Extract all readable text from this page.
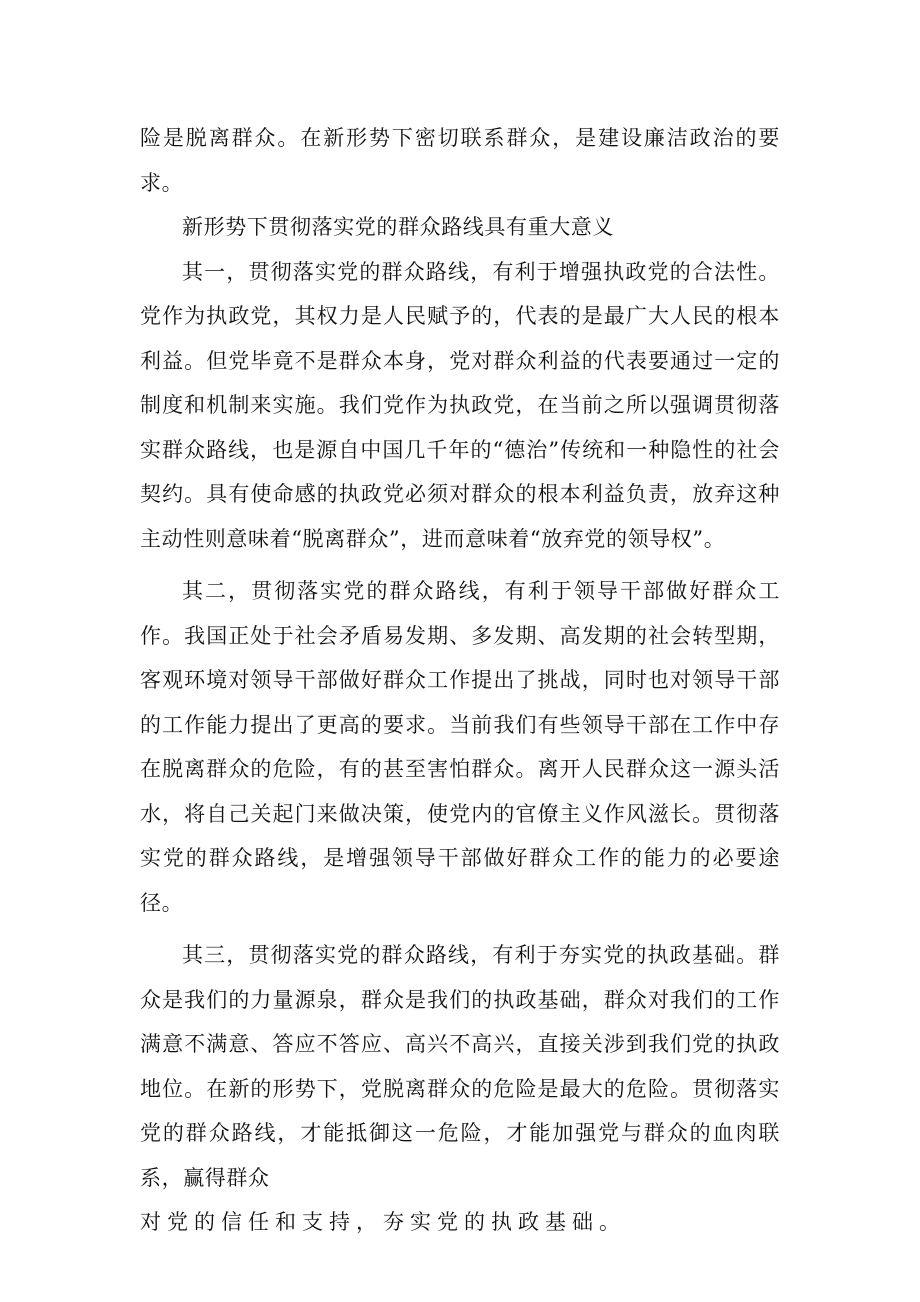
险是脱离群众。在新形势下密切联系群众，是建设廉洁政治的要求。

新形势下贯彻落实党的群众路线具有重大意义

其一，贯彻落实党的群众路线，有利于增强执政党的合法性。党作为执政党，其权力是人民赋予的，代表的是最广大人民的根本利益。但党毕竟不是群众本身，党对群众利益的代表要通过一定的制度和机制来实施。我们党作为执政党，在当前之所以强调贯彻落实群众路线，也是源自中国几千年的“德治”传统和一种隐性的社会契约。具有使命感的执政党必须对群众的根本利益负责，放弃这种主动性则意味着“脱离群众”，进而意味着“放弃党的领导权”。

其二，贯彻落实党的群众路线，有利于领导干部做好群众工作。我国正处于社会矛盾易发期、多发期、高发期的社会转型期，客观环境对领导干部做好群众工作提出了挑战，同时也对领导干部的工作能力提出了更高的要求。当前我们有些领导干部在工作中存在脱离群众的危险，有的甚至害怕群众。离开人民群众这一源头活水，将自己关起门来做决策，使党内的官僚主义作风滋长。贯彻落实党的群众路线，是增强领导干部做好群众工作的能力的必要途径。

其三，贯彻落实党的群众路线，有利于夯实党的执政基础。群众是我们的力量源泉，群众是我们的执政基础，群众对我们的工作满意不满意、答应不答应、高兴不高兴，直接关涉到我们党的执政地位。在新的形势下，党脱离群众的危险是最大的危险。贯彻落实党的群众路线，才能抵御这一危险，才能加强党与群众的血肉联系，赢得群众

对党的信任和支持，夯实党的执政基础。
